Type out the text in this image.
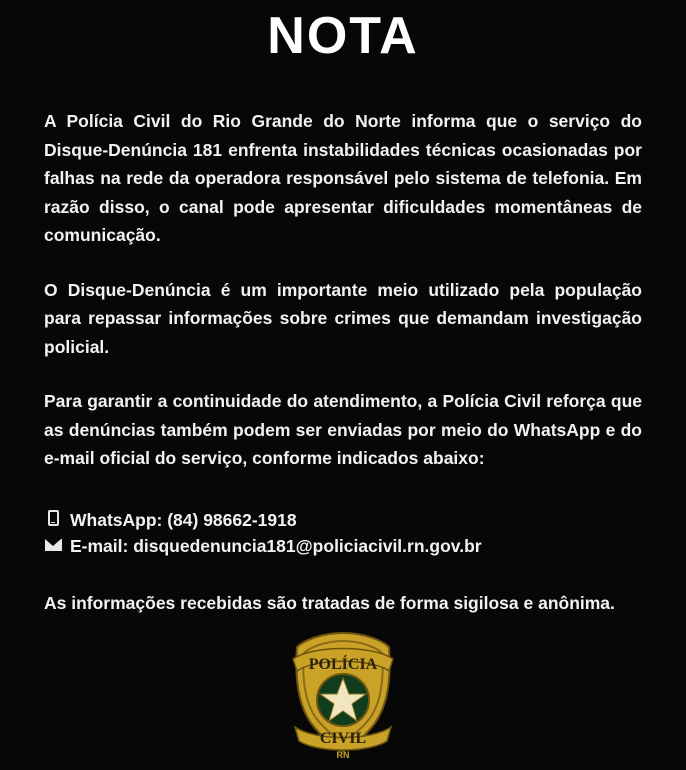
NOTA

A Polícia Civil do Rio Grande do Norte informa que o serviço do Disque-Denúncia 181 enfrenta instabilidades técnicas ocasionadas por falhas na rede da operadora responsável pelo sistema de telefonia. Em razão disso, o canal pode apresentar dificuldades momentâneas de comunicação.

O Disque-Denúncia é um importante meio utilizado pela população para repassar informações sobre crimes que demandam investigação policial.

Para garantir a continuidade do atendimento, a Polícia Civil reforça que as denúncias também podem ser enviadas por meio do WhatsApp e do e-mail oficial do serviço, conforme indicados abaixo:

WhatsApp: (84) 98662-1918
E-mail: disquedenuncia181@policiacivil.rn.gov.br

As informações recebidas são tratadas de forma sigilosa e anônima.

POLÍCIA
CIVIL
RN
